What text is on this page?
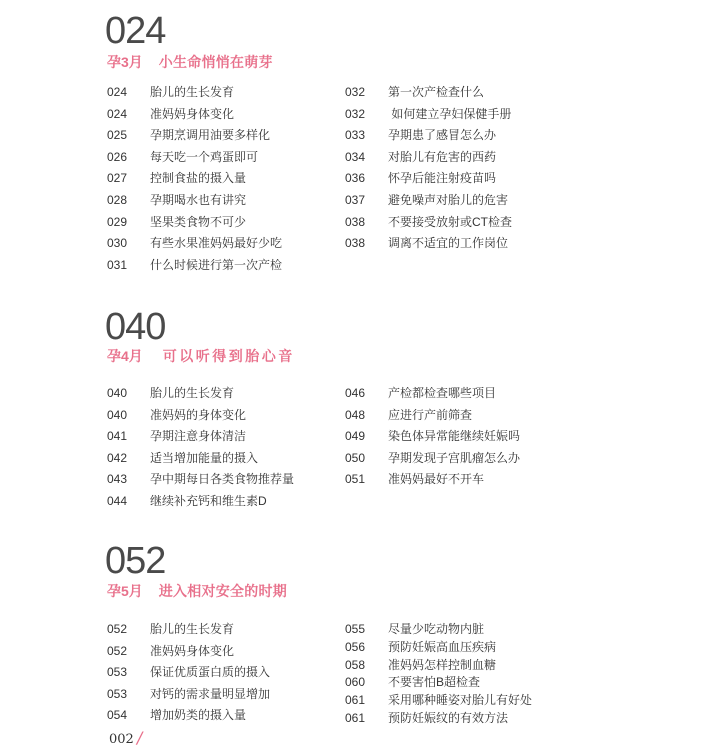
024
孕3月 小生命悄悄在萌芽
024 胎儿的生长发育
024 准妈妈身体变化
025 孕期烹调用油要多样化
026 每天吃一个鸡蛋即可
027 控制食盐的摄入量
028 孕期喝水也有讲究
029 坚果类食物不可少
030 有些水果准妈妈最好少吃
031 什么时候进行第一次产检
032 第一次产检查什么
032 如何建立孕妇保健手册
033 孕期患了感冒怎么办
034 对胎儿有危害的西药
036 怀孕后能注射疫苗吗
037 避免噪声对胎儿的危害
038 不要接受放射或CT检查
038 调离不适宜的工作岗位
040
孕4月 可以听得到胎心音
040 胎儿的生长发育
040 准妈妈的身体变化
041 孕期注意身体清洁
042 适当增加能量的摄入
043 孕中期每日各类食物推荐量
044 继续补充钙和维生素D
046 产检都检查哪些项目
048 应进行产前筛查
049 染色体异常能继续妊娠吗
050 孕期发现子宫肌瘤怎么办
051 准妈妈最好不开车
052
孕5月 进入相对安全的时期
052 胎儿的生长发育
052 准妈妈身体变化
053 保证优质蛋白质的摄入
053 对钙的需求量明显增加
054 增加奶类的摄入量
055 尽量少吃动物内脏
056 预防妊娠高血压疾病
058 准妈妈怎样控制血糖
060 不要害怕B超检查
061 采用哪种睡姿对胎儿有好处
061 预防妊娠纹的有效方法
002 /
